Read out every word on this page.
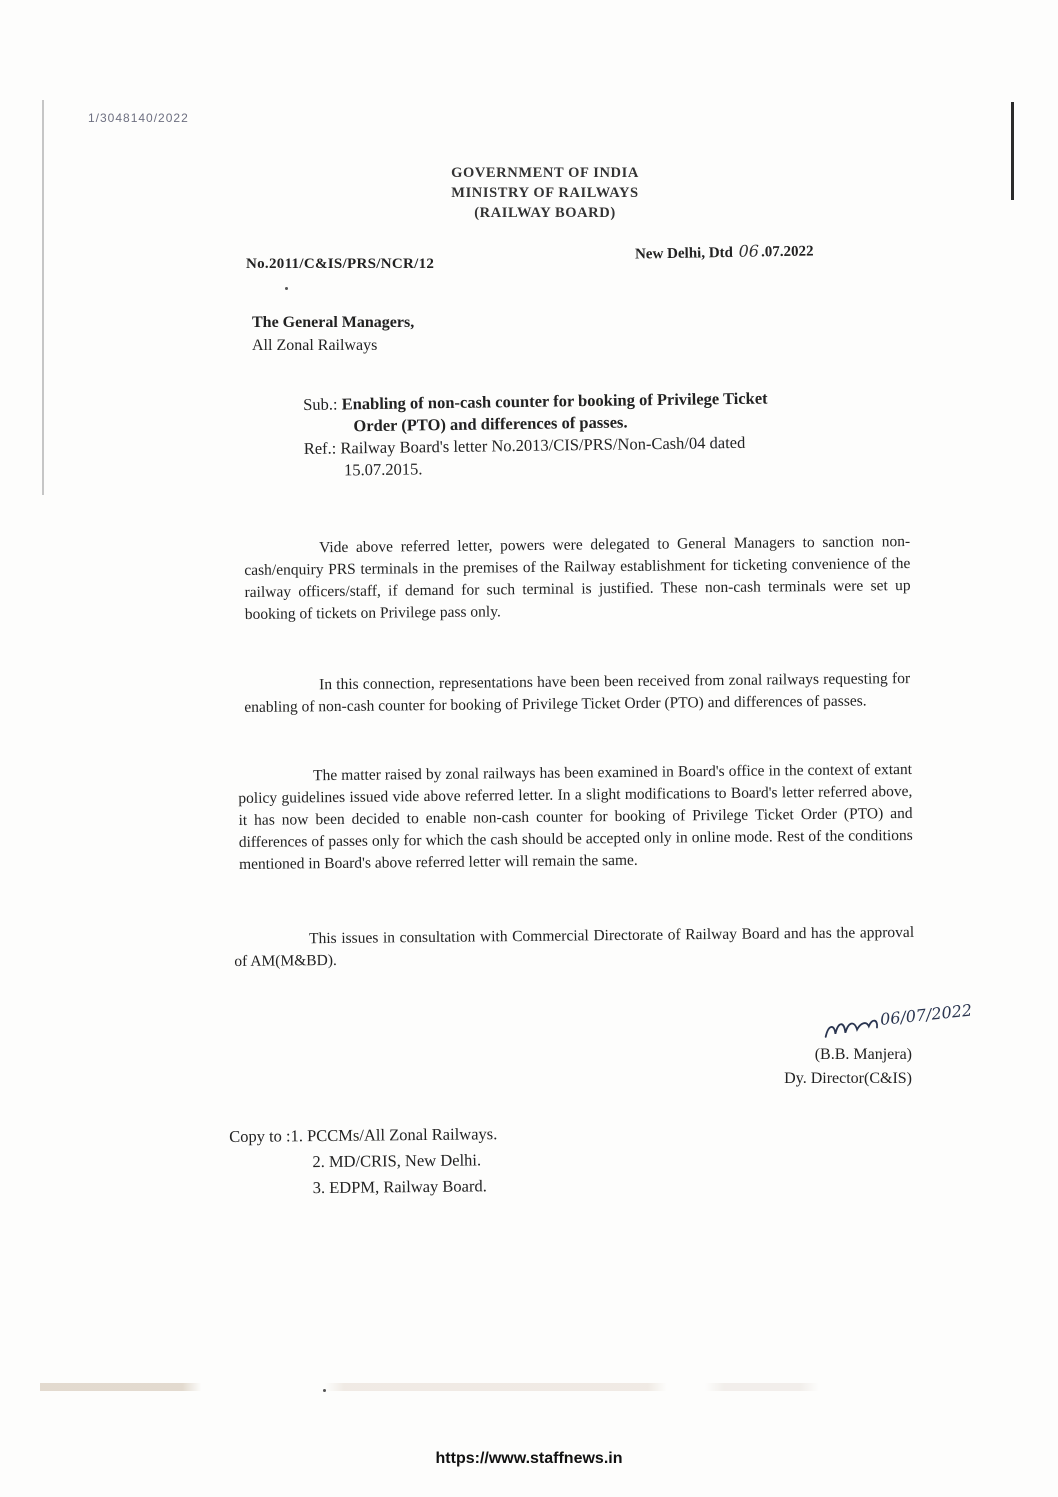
1/3048140/2022
GOVERNMENT OF INDIA
MINISTRY OF RAILWAYS
(RAILWAY BOARD)
No.2011/C&IS/PRS/NCR/12
New Delhi, Dtd 06 .07.2022
The General Managers,
All Zonal Railways
Sub.: Enabling of non-cash counter for booking of Privilege Ticket
Order (PTO) and differences of passes.
Ref.: Railway Board's letter No.2013/CIS/PRS/Non-Cash/04 dated
15.07.2015.
Vide above referred letter, powers were delegated to General Managers to sanction non-cash/enquiry PRS terminals in the premises of the Railway establishment for ticketing convenience of the railway officers/staff, if demand for such terminal is justified. These non-cash terminals were set up booking of tickets on Privilege pass only.
In this connection, representations have been been received from zonal railways requesting for enabling of non-cash counter for booking of Privilege Ticket Order (PTO) and differences of passes.
The matter raised by zonal railways has been examined in Board's office in the context of extant policy guidelines issued vide above referred letter. In a slight modifications to Board's letter referred above, it has now been decided to enable non-cash counter for booking of Privilege Ticket Order (PTO) and differences of passes only for which the cash should be accepted only in online mode. Rest of the conditions mentioned in Board's above referred letter will remain the same.
This issues in consultation with Commercial Directorate of Railway Board and has the approval of AM(M&BD).
06/07/2022
(B.B. Manjera)
Dy. Director(C&IS)
Copy to :1. PCCMs/All Zonal Railways.
2. MD/CRIS, New Delhi.
3. EDPM, Railway Board.
https://www.staffnews.in
